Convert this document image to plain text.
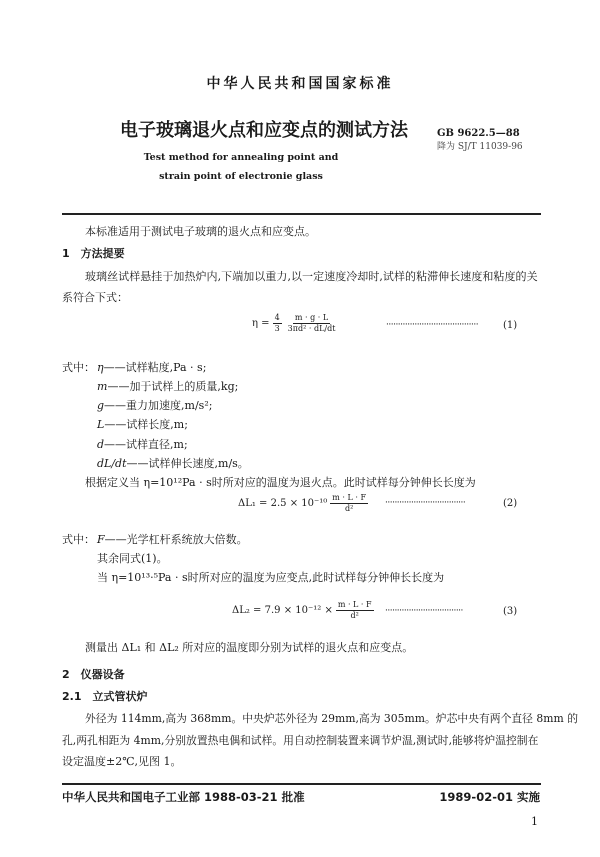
中华人民共和国国家标准
电子玻璃退火点和应变点的测试方法	GB 9622.5—88
降为 SJ/T 11039-96
Test method for annealing point and
strain point of electronie glass
本标准适用于测试电子玻璃的退火点和应变点。
1　方法提要
玻璃丝试样悬挂于加热炉内,下端加以重力,以一定速度冷却时,试样的粘滞伸长速度和粘度的关
系符合下式：
$\eta = \frac{4}{3} \frac{m \cdot g \cdot L}{\text{3πd² · dL/dt}}$	······································· (1)
式中： η——试样粘度,Pa · s;
m——加于试样上的质量,kg;
g——重力加速度,m/s²;
L——试样长度,m;
d——试样直径,m;
dL/dt——试样伸长速度,m/s。
根据定义当 η=10¹²Pa · s时所对应的温度为退火点。此时试样每分钟伸长长度为
$\Delta L_1 = 2.5 \times 10^{-10} \frac{m \cdot L \cdot F}{\text{d²}}$ ··································	(2)
式中： F——光学杠杆系统放大倍数。
其余同式(1)。
当 η=10¹³·⁵Pa · s时所对应的温度为应变点,此时试样每分钟伸长长度为
$\Delta L_2 = 7.9 \times 10^{-12} \times \frac{m \cdot L \cdot F}{\text{d²}}$ ·································	(3)
测量出 ΔL₁ 和 ΔL₂ 所对应的温度即分别为试样的退火点和应变点。
2　仪器设备
2.1　立式管状炉
外径为 114mm,高为 368mm。中央炉芯外径为 29mm,高为 305mm。炉芯中央有两个直径 8mm 的
孔,两孔相距为 4mm,分别放置热电偶和试样。用自动控制装置来调节炉温,测试时,能够将炉温控制在
设定温度±2℃,见图 1。
中华人民共和国电子工业部 1988-03-21 批准	1989-02-01 实施
1
